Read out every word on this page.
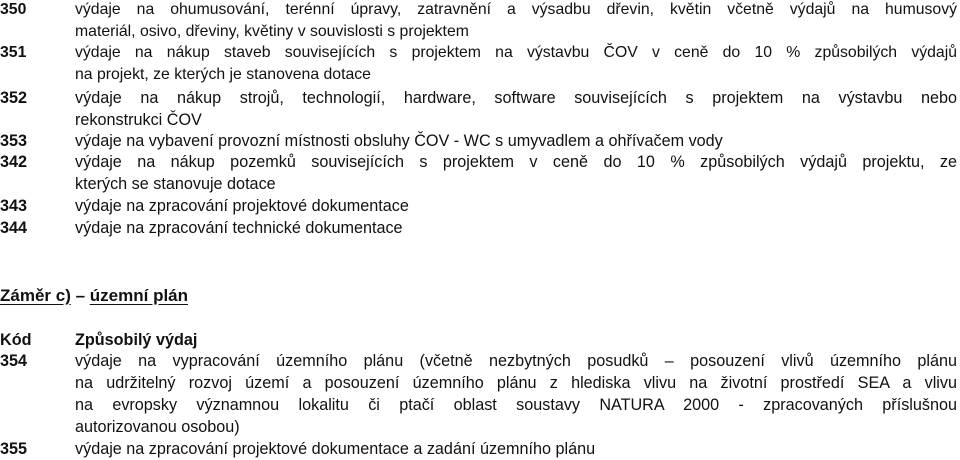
350	výdaje na ohumusování, terénní úpravy, zatravnění a výsadbu dřevin, květin včetně výdajů na humusový
materiál, osivo, dřeviny, květiny v souvislosti s projektem
351	výdaje na nákup staveb souvisejících s projektem na výstavbu ČOV v ceně do 10 % způsobilých výdajů
na projekt, ze kterých je stanovena dotace
352	výdaje na nákup strojů, technologií, hardware, software souvisejících s projektem na výstavbu nebo
rekonstrukci ČOV
353	výdaje na vybavení provozní místnosti obsluhy ČOV - WC s umyvadlem a ohřívačem vody
342	výdaje na nákup pozemků souvisejících s projektem v ceně do 10 % způsobilých výdajů projektu, ze
kterých se stanovuje dotace
343	výdaje na zpracování projektové dokumentace
344	výdaje na zpracování technické dokumentace
Záměr c) – územní plán
Kód	Způsobilý výdaj
354	výdaje na vypracování územního plánu (včetně nezbytných posudků – posouzení vlivů územního plánu
na udržitelný rozvoj území a posouzení územního plánu z hlediska vlivu na životní prostředí SEA a vlivu
na evropsky významnou lokalitu či ptačí oblast soustavy NATURA 2000 - zpracovaných příslušnou
autorizovanou osobou)
355	výdaje na zpracování projektové dokumentace a zadání územního plánu
